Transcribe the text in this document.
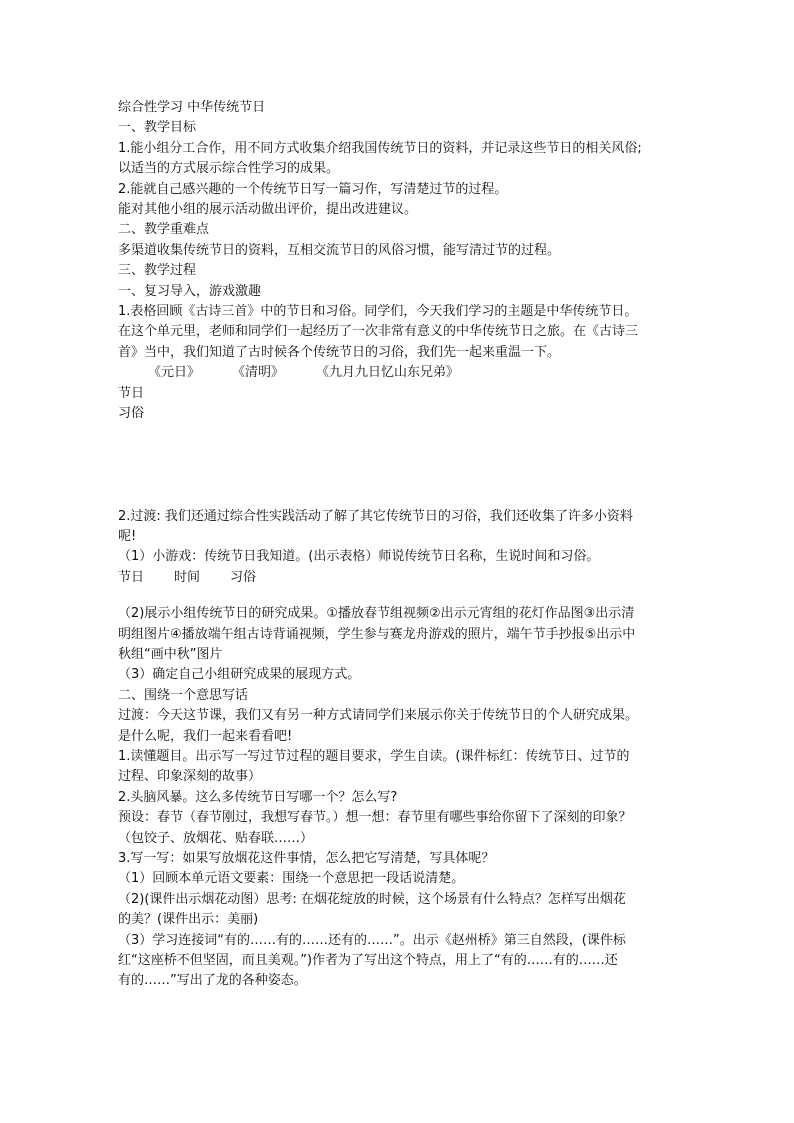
综合性学习 中华传统节日

一、教学目标

1.能小组分工合作，用不同方式收集介绍我国传统节日的资料，并记录这些节日的相关风俗;

以适当的方式展示综合性学习的成果。

2.能就自己感兴趣的一个传统节日写一篇习作，写清楚过节的过程。

能对其他小组的展示活动做出评价，提出改进建议。

二、教学重难点

多渠道收集传统节日的资料，互相交流节日的风俗习惯，能写清过节的过程。

三、教学过程

一、复习导入，游戏激趣

1.表格回顾《古诗三首》中的节日和习俗。同学们，今天我们学习的主题是中华传统节日。

在这个单元里，老师和同学们一起经历了一次非常有意义的中华传统节日之旅。在《古诗三

首》当中，我们知道了古时候各个传统节日的习俗，我们先一起来重温一下。

《元日》	《清明》	《九月九日忆山东兄弟》

节日

习俗

2.过渡: 我们还通过综合性实践活动了解了其它传统节日的习俗，我们还收集了许多小资料

呢!

（1）小游戏：传统节日我知道。(出示表格）师说传统节日名称，生说时间和习俗。

节日	时间	习俗

（2)展示小组传统节日的研究成果。①播放春节组视频②出示元宵组的花灯作品图③出示清

明组图片④播放端午组古诗背诵视频，学生参与赛龙舟游戏的照片，端午节手抄报⑤出示中

秋组“画中秋”图片

（3）确定自己小组研究成果的展现方式。

二、围绕一个意思写话

过渡：今天这节课，我们又有另一种方式请同学们来展示你关于传统节日的个人研究成果。

是什么呢，我们一起来看看吧!

1.读懂题目。出示写一写过节过程的题目要求，学生自读。(课件标红：传统节日、过节的

过程、印象深刻的故事）

2.头脑风暴。这么多传统节日写哪一个？怎么写?

预设：春节（春节刚过，我想写春节。）想一想：春节里有哪些事给你留下了深刻的印象？

（包饺子、放烟花、贴春联……）

3.写一写：如果写放烟花这件事情，怎么把它写清楚，写具体呢？

（1）回顾本单元语文要素：围绕一个意思把一段话说清楚。

（2)(课件出示烟花动图）思考: 在烟花绽放的时候，这个场景有什么特点？怎样写出烟花

的美？(课件出示：美丽)

（3）学习连接词“有的……有的……还有的……”。出示《赵州桥》第三自然段，(课件标

红“这座桥不但坚固，而且美观。”)作者为了写出这个特点，用上了“有的……有的……还

有的……”写出了龙的各种姿态。
